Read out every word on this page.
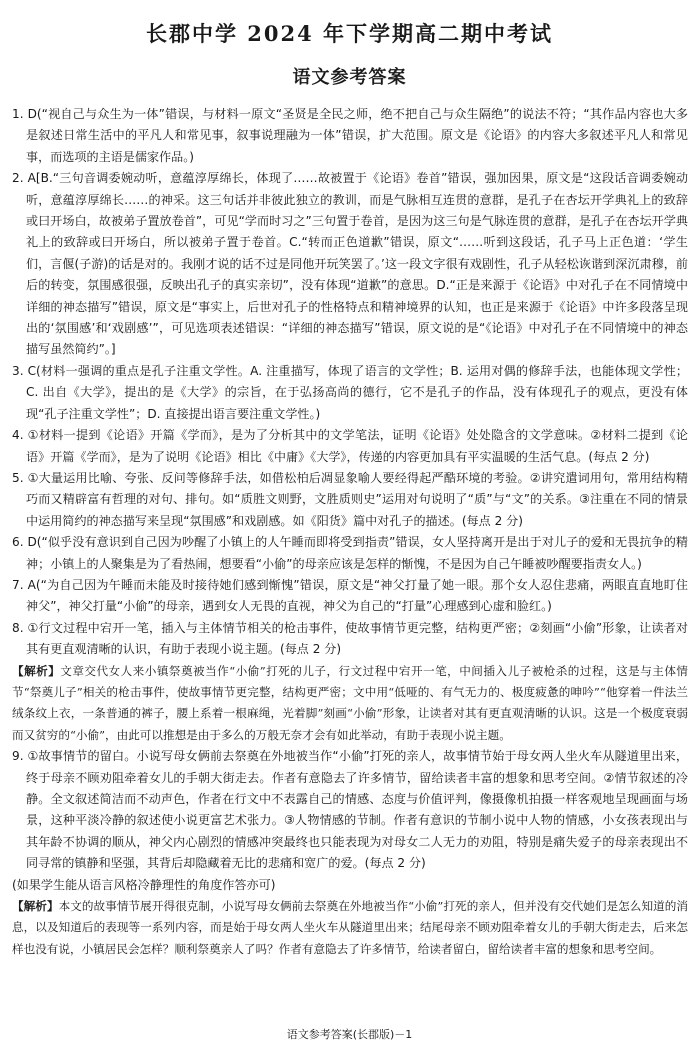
长郡中学 2024 年下学期高二期中考试
语文参考答案

1. D(“视自己与众生为一体”错误，与材料一原文“圣贤是全民之师，绝不把自己与众生隔绝”的说法不符；“其作品内容也大多是叙述日常生活中的平凡人和常见事，叙事说理融为一体”错误，扩大范围。原文是《论语》的内容大多叙述平凡人和常见事，而选项的主语是儒家作品。)

2. A[B.“三句音调委婉动听，意蕴淳厚绵长，体现了……故被置于《论语》卷首”错误，强加因果，原文是“这段话音调委婉动听，意蕴淳厚绵长……的神采。这三句话并非彼此独立的教训，而是气脉相互连贯的意群，是孔子在杏坛开学典礼上的致辞或曰开场白，故被弟子置放卷首”，可见“学而时习之”三句置于卷首，是因为这三句是气脉连贯的意群，是孔子在杏坛开学典礼上的致辞或曰开场白，所以被弟子置于卷首。C.“转而正色道歉”错误，原文“……听到这段话，孔子马上正色道：‘学生们，言偃(子游)的话是对的。我刚才说的话不过是同他开玩笑罢了。’这一段文字很有戏剧性，孔子从轻松诙谐到深沉肃穆，前后的转变，氛围感很强，反映出孔子的真实亲切”，没有体现“道歉”的意思。D.“正是来源于《论语》中对孔子在不同情境中详细的神态描写”错误，原文是“事实上，后世对孔子的性格特点和精神境界的认知，也正是来源于《论语》中许多段落呈现出的‘氛围感’和‘戏剧感’”，可见选项表述错误：“详细的神态描写”错误，原文说的是“《论语》中对孔子在不同情境中的神态描写虽然简约”。]

3. C(材料一强调的重点是孔子注重文学性。A. 注重描写，体现了语言的文学性；B. 运用对偶的修辞手法，也能体现文学性；C. 出自《大学》，提出的是《大学》的宗旨，在于弘扬高尚的德行，它不是孔子的作品，没有体现孔子的观点，更没有体现“孔子注重文学性”；D. 直接提出语言要注重文学性。)

4. ①材料一提到《论语》开篇《学而》，是为了分析其中的文学笔法，证明《论语》处处隐含的文学意味。②材料二提到《论语》开篇《学而》，是为了说明《论语》相比《中庸》《大学》，传递的内容更加具有平实温暖的生活气息。(每点 2 分)

5. ①大量运用比喻、夸张、反问等修辞手法，如借松柏后凋显象喻人要经得起严酷环境的考验。②讲究遣词用句，常用结构精巧而又精辟富有哲理的对句、排句。如“质胜文则野，文胜质则史”运用对句说明了“质”与“文”的关系。③注重在不同的情景中运用简约的神态描写来呈现“氛围感”和戏剧感。如《阳货》篇中对孔子的描述。(每点 2 分)

6. D(“似乎没有意识到自己因为吵醒了小镇上的人午睡而即将受到指责”错误，女人坚持离开是出于对儿子的爱和无畏抗争的精神；小镇上的人聚集是为了看热闹，想要看“小偷”的母亲应该是怎样的惭愧，不是因为自己午睡被吵醒要指责女人。)

7. A(“为自己因为午睡而未能及时接待她们感到惭愧”错误，原文是“神父打量了她一眼。那个女人忍住悲痛，两眼直直地盯住神父”，神父打量“小偷”的母亲，遇到女人无畏的直视，神父为自己的“打量”心理感到心虚和脸红。)

8. ①行文过程中宕开一笔，插入与主体情节相关的枪击事件，使故事情节更完整，结构更严密；②刻画“小偷”形象，让读者对其有更直观清晰的认识，有助于表现小说主题。(每点 2 分)

【解析】文章交代女人来小镇祭奠被当作“小偷”打死的儿子，行文过程中宕开一笔，中间插入儿子被枪杀的过程，这是与主体情节“祭奠儿子”相关的枪击事件，使故事情节更完整，结构更严密；文中用“低哑的、有气无力的、极度疲惫的呻吟”“他穿着一件法兰绒条纹上衣，一条普通的裤子，腰上系着一根麻绳，光着脚”刻画“小偷”形象，让读者对其有更直观清晰的认识。这是一个极度衰弱而又贫穷的“小偷”，由此可以推想是由于多么的万般无奈才会有如此举动，有助于表现小说主题。

9. ①故事情节的留白。小说写母女俩前去祭奠在外地被当作“小偷”打死的亲人，故事情节始于母女两人坐火车从隧道里出来，终于母亲不顾劝阻牵着女儿的手朝大街走去。作者有意隐去了许多情节，留给读者丰富的想象和思考空间。②情节叙述的冷静。全文叙述简洁而不动声色，作者在行文中不表露自己的情感、态度与价值评判，像摄像机拍摄一样客观地呈现画面与场景，这种平淡冷静的叙述使小说更富艺术张力。③人物情感的节制。作者有意识的节制小说中人物的情感，小女孩表现出与其年龄不协调的顺从，神父内心剧烈的情感冲突最终也只能表现为对母女二人无力的劝阻，特别是痛失爱子的母亲表现出不同寻常的镇静和坚强，其背后却隐藏着无比的悲痛和宽广的爱。(每点 2 分)

(如果学生能从语言风格冷静理性的角度作答亦可)

【解析】本文的故事情节展开得很克制，小说写母女俩前去祭奠在外地被当作“小偷”打死的亲人，但并没有交代她们是怎么知道的消息，以及知道后的表现等一系列内容，而是始于母女两人坐火车从隧道里出来；结尾母亲不顾劝阻牵着女儿的手朝大街走去，后来怎样也没有说，小镇居民会怎样？顺利祭奠亲人了吗？作者有意隐去了许多情节，给读者留白，留给读者丰富的想象和思考空间。

语文参考答案(长郡版)－1
